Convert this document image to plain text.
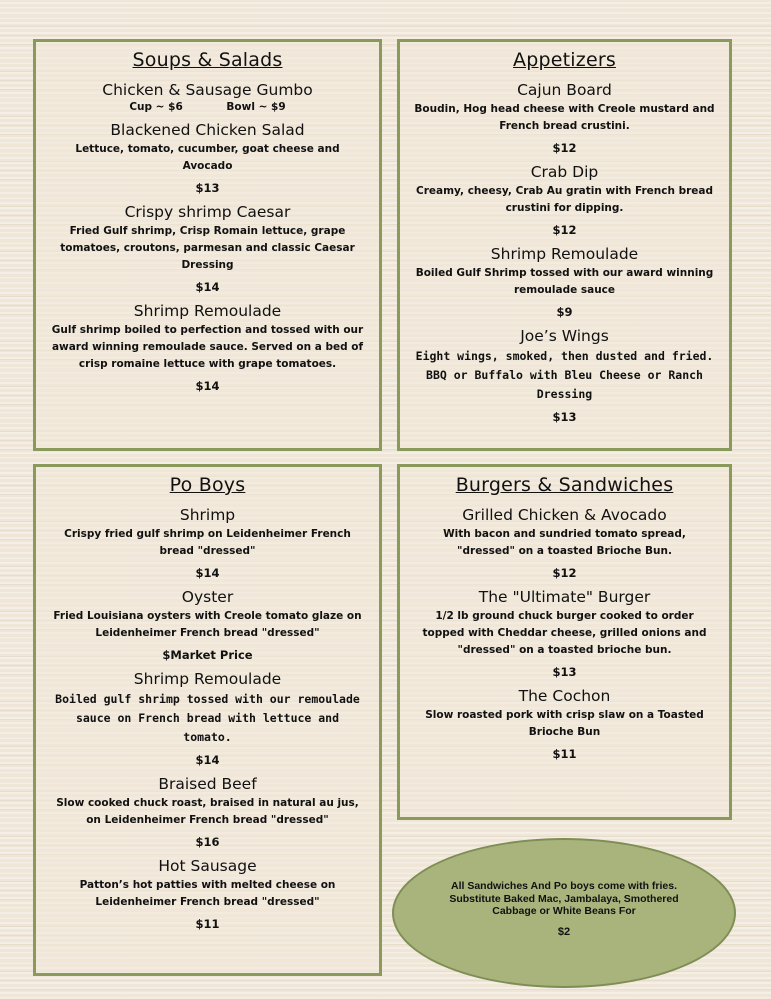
Soups & Salads
Chicken & Sausage Gumbo
Cup ~ $6	Bowl ~ $9
Blackened Chicken Salad
Lettuce, tomato, cucumber, goat cheese and Avocado
$13
Crispy shrimp Caesar
Fried Gulf shrimp, Crisp Romain lettuce, grape tomatoes, croutons, parmesan and classic Caesar Dressing
$14
Shrimp Remoulade
Gulf shrimp boiled to perfection and tossed with our award winning remoulade sauce. Served on a bed of crisp romaine lettuce with grape tomatoes.
$14
Appetizers
Cajun Board
Boudin, Hog head cheese with Creole mustard and French bread crustini.
$12
Crab Dip
Creamy, cheesy, Crab Au gratin with French bread crustini for dipping.
$12
Shrimp Remoulade
Boiled Gulf Shrimp tossed with our award winning remoulade sauce
$9
Joe’s Wings
Eight wings, smoked, then dusted and fried. BBQ or Buffalo with Bleu Cheese or Ranch Dressing
$13
Po Boys
Shrimp
Crispy fried gulf shrimp on Leidenheimer French bread "dressed"
$14
Oyster
Fried Louisiana oysters with Creole tomato glaze on Leidenheimer French bread "dressed"
$Market Price
Shrimp Remoulade
Boiled gulf shrimp tossed with our remoulade sauce on French bread with lettuce and tomato.
$14
Braised Beef
Slow cooked chuck roast, braised in natural au jus, on Leidenheimer French bread "dressed"
$16
Hot Sausage
Patton’s hot patties with melted cheese on Leidenheimer French bread "dressed"
$11
Burgers & Sandwiches
Grilled Chicken & Avocado
With bacon and sundried tomato spread, "dressed" on a toasted Brioche Bun.
$12
The "Ultimate" Burger
1/2 lb ground chuck burger cooked to order topped with Cheddar cheese, grilled onions and "dressed" on a toasted brioche bun.
$13
The Cochon
Slow roasted pork with crisp slaw on a Toasted Brioche Bun
$11
All Sandwiches And Po boys come with fries. Substitute Baked Mac, Jambalaya, Smothered Cabbage or White Beans For
$2
